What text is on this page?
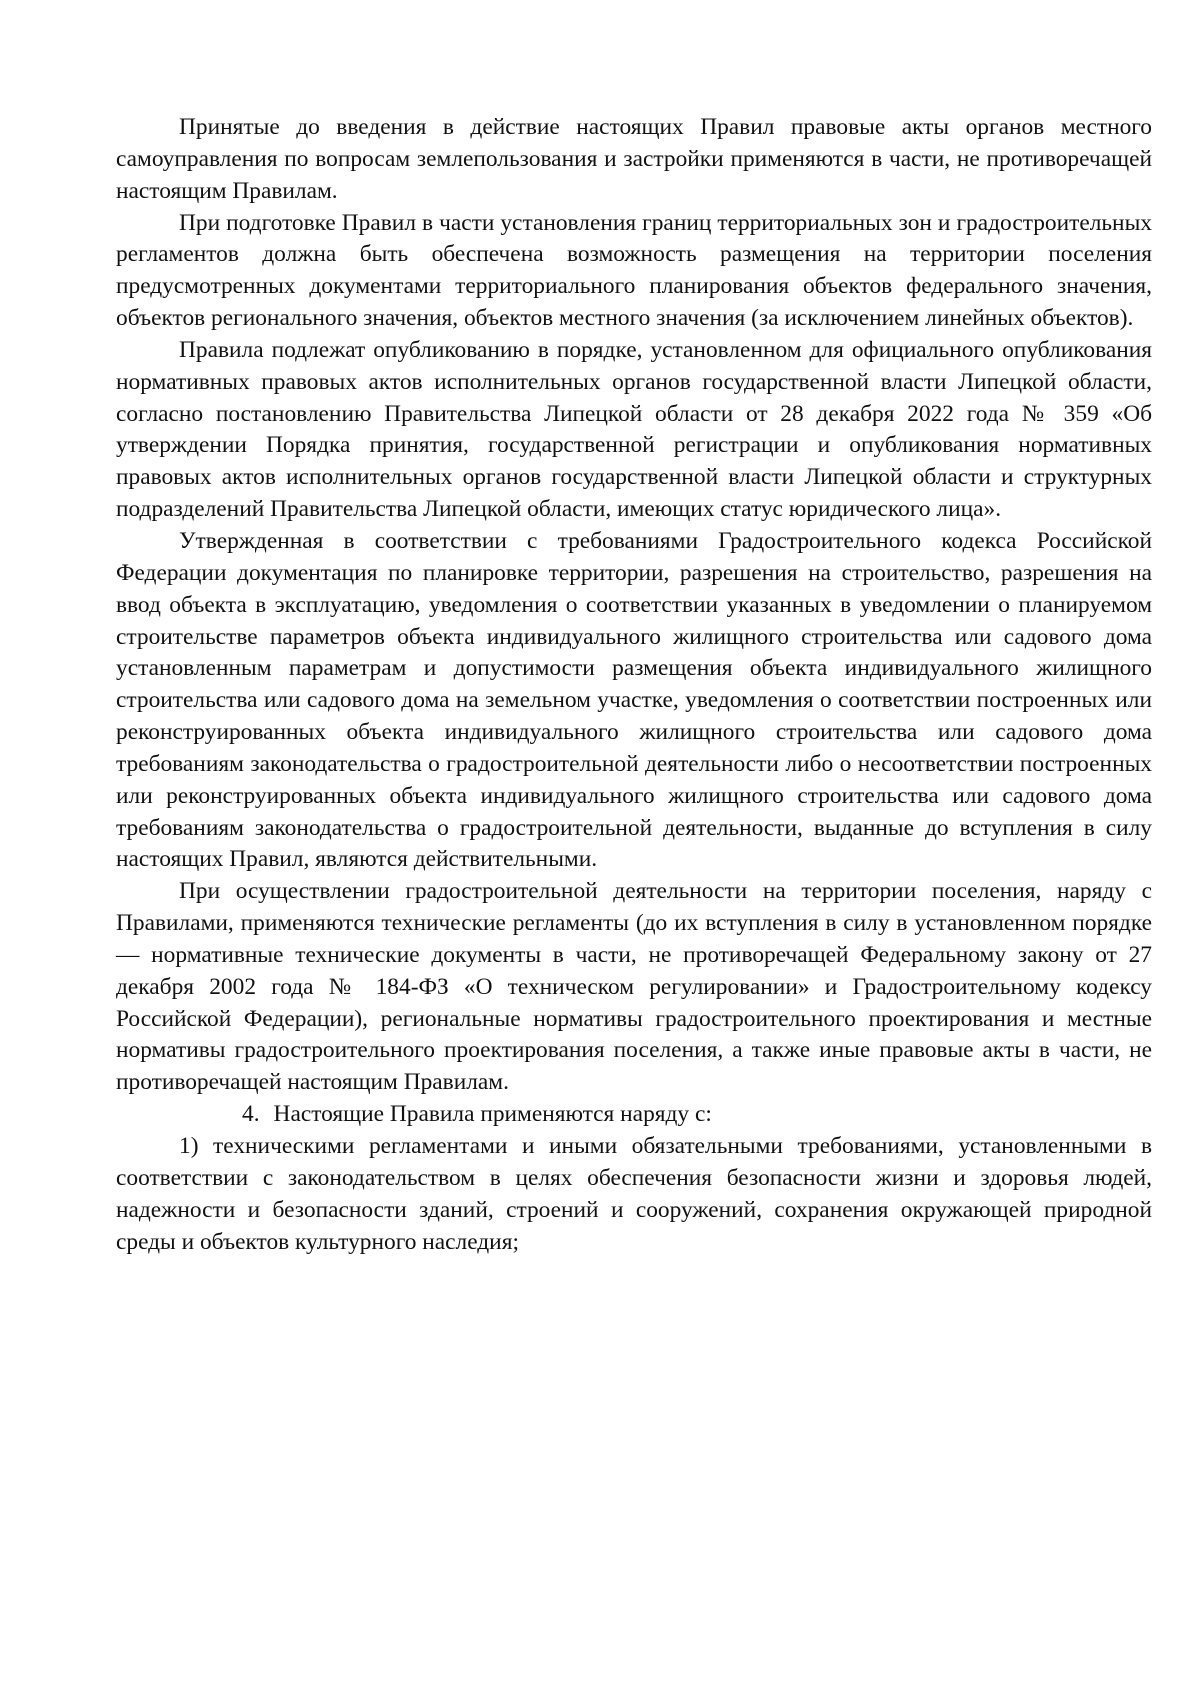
Принятые до введения в действие настоящих Правил правовые акты органов местного самоуправления по вопросам землепользования и застройки применяются в части, не противоречащей настоящим Правилам.

При подготовке Правил в части установления границ территориальных зон и градостроительных регламентов должна быть обеспечена возможность размещения на территории поселения предусмотренных документами территориального планирования объектов федерального значения, объектов регионального значения, объектов местного значения (за исключением линейных объектов).

Правила подлежат опубликованию в порядке, установленном для официального опубликования нормативных правовых актов исполнительных органов государственной власти Липецкой области, согласно постановлению Правительства Липецкой области от 28 декабря 2022 года № 359 «Об утверждении Порядка принятия, государственной регистрации и опубликования нормативных правовых актов исполнительных органов государственной власти Липецкой области и структурных подразделений Правительства Липецкой области, имеющих статус юридического лица».

Утвержденная в соответствии с требованиями Градостроительного кодекса Российской Федерации документация по планировке территории, разрешения на строительство, разрешения на ввод объекта в эксплуатацию, уведомления о соответствии указанных в уведомлении о планируемом строительстве параметров объекта индивидуального жилищного строительства или садового дома установленным параметрам и допустимости размещения объекта индивидуального жилищного строительства или садового дома на земельном участке, уведомления о соответствии построенных или реконструированных объекта индивидуального жилищного строительства или садового дома требованиям законодательства о градостроительной деятельности либо о несоответствии построенных или реконструированных объекта индивидуального жилищного строительства или садового дома требованиям законодательства о градостроительной деятельности, выданные до вступления в силу настоящих Правил, являются действительными.

При осуществлении градостроительной деятельности на территории поселения, наряду с Правилами, применяются технические регламенты (до их вступления в силу в установленном порядке — нормативные технические документы в части, не противоречащей Федеральному закону от 27 декабря 2002 года № 184-ФЗ «О техническом регулировании» и Градостроительному кодексу Российской Федерации), региональные нормативы градостроительного проектирования и местные нормативы градостроительного проектирования поселения, а также иные правовые акты в части, не противоречащей настоящим Правилам.

4. Настоящие Правила применяются наряду с:

1) техническими регламентами и иными обязательными требованиями, установленными в соответствии с законодательством в целях обеспечения безопасности жизни и здоровья людей, надежности и безопасности зданий, строений и сооружений, сохранения окружающей природной среды и объектов культурного наследия;
